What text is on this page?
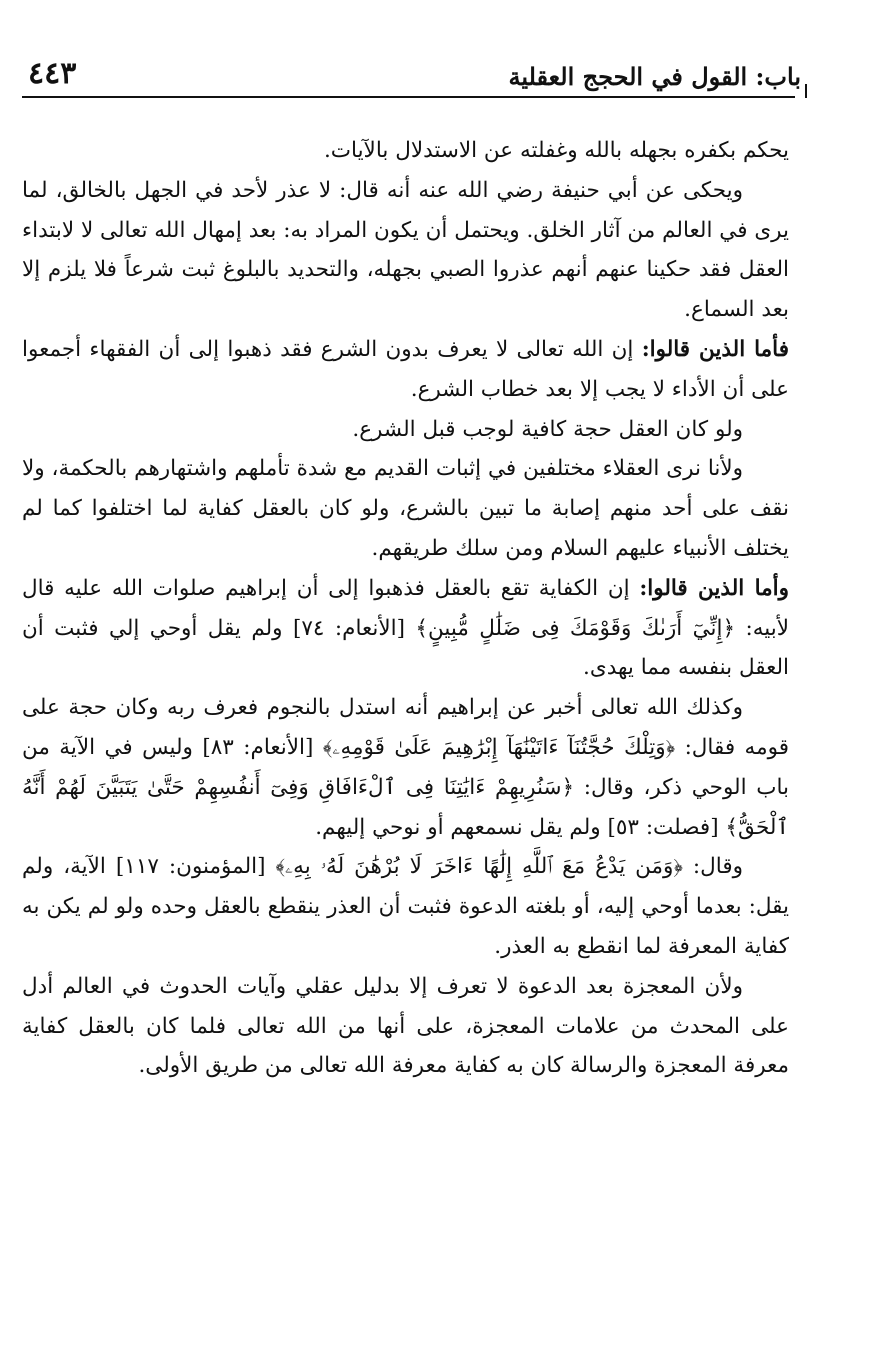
باب: القول في الحجج العقلية
٤٤٣

يحكم بكفره بجهله بالله وغفلته عن الاستدلال بالآيات.

ويحكى عن أبي حنيفة رضي الله عنه أنه قال: لا عذر لأحد في الجهل بالخالق، لما يرى في العالم من آثار الخلق. ويحتمل أن يكون المراد به: بعد إمهال الله تعالى لا لابتداء العقل فقد حكينا عنهم أنهم عذروا الصبي بجهله، والتحديد بالبلوغ ثبت شرعاً فلا يلزم إلا بعد السماع.

فأما الذين قالوا: إن الله تعالى لا يعرف بدون الشرع فقد ذهبوا إلى أن الفقهاء أجمعوا على أن الأداء لا يجب إلا بعد خطاب الشرع.

ولو كان العقل حجة كافية لوجب قبل الشرع.

ولأنا نرى العقلاء مختلفين في إثبات القديم مع شدة تأملهم واشتهارهم بالحكمة، ولا نقف على أحد منهم إصابة ما تبين بالشرع، ولو كان بالعقل كفاية لما اختلفوا كما لم يختلف الأنبياء عليهم السلام ومن سلك طريقهم.

وأما الذين قالوا: إن الكفاية تقع بالعقل فذهبوا إلى أن إبراهيم صلوات الله عليه قال لأبيه: ﴿إِنِّيٓ أَرَىٰكَ وَقَوْمَكَ فِى ضَلَٰلٍ مُّبِينٍ﴾ [الأنعام: ٧٤] ولم يقل أوحي إلي فثبت أن العقل بنفسه مما يهدى.

وكذلك الله تعالى أخبر عن إبراهيم أنه استدل بالنجوم فعرف ربه وكان حجة على قومه فقال: ﴿وَتِلْكَ حُجَّتُنَآ ءَاتَيْنَٰهَآ إِبْرَٰهِيمَ عَلَىٰ قَوْمِهِۦ﴾ [الأنعام: ٨٣] وليس في الآية من باب الوحي ذكر، وقال: ﴿سَنُرِيهِمْ ءَايَٰتِنَا فِى ٱلْءَافَاقِ وَفِىٓ أَنفُسِهِمْ حَتَّىٰ يَتَبَيَّنَ لَهُمْ أَنَّهُ ٱلْحَقُّ﴾ [فصلت: ٥٣] ولم يقل نسمعهم أو نوحي إليهم.

وقال: ﴿وَمَن يَدْعُ مَعَ ٱللَّهِ إِلَٰهًا ءَاخَرَ لَا بُرْهَٰنَ لَهُۥ بِهِۦ﴾ [المؤمنون: ١١٧] الآية، ولم يقل: بعدما أوحي إليه، أو بلغته الدعوة فثبت أن العذر ينقطع بالعقل وحده ولو لم يكن به كفاية المعرفة لما انقطع به العذر.

ولأن المعجزة بعد الدعوة لا تعرف إلا بدليل عقلي وآيات الحدوث في العالم أدل على المحدث من علامات المعجزة، على أنها من الله تعالى فلما كان بالعقل كفاية معرفة المعجزة والرسالة كان به كفاية معرفة الله تعالى من طريق الأولى.
